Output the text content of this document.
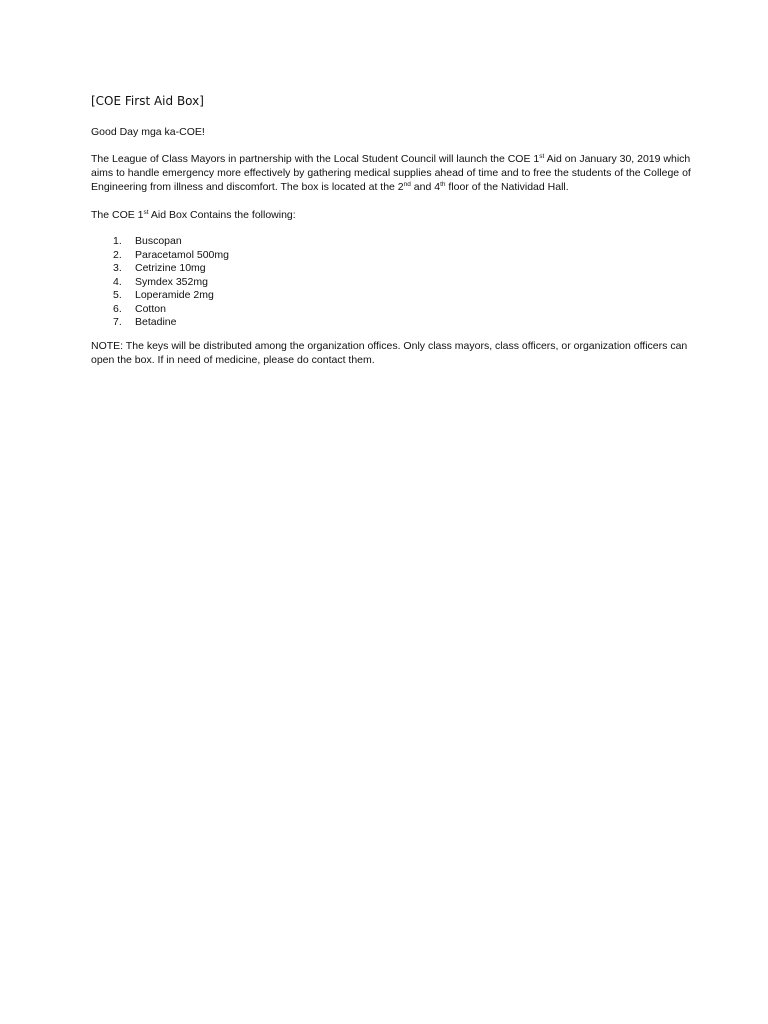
[COE First Aid Box]

Good Day mga ka-COE!

The League of Class Mayors in partnership with the Local Student Council will launch the COE 1st Aid on January 30, 2019 which aims to handle emergency more effectively by gathering medical supplies ahead of time and to free the students of the College of Engineering from illness and discomfort. The box is located at the 2nd and 4th floor of the Natividad Hall.

The COE 1st Aid Box Contains the following:

1.	Buscopan
2.	Paracetamol 500mg
3.	Cetrizine 10mg
4.	Symdex 352mg
5.	Loperamide 2mg
6.	Cotton
7.	Betadine

NOTE: The keys will be distributed among the organization offices. Only class mayors, class officers, or organization officers can open the box. If in need of medicine, please do contact them.
